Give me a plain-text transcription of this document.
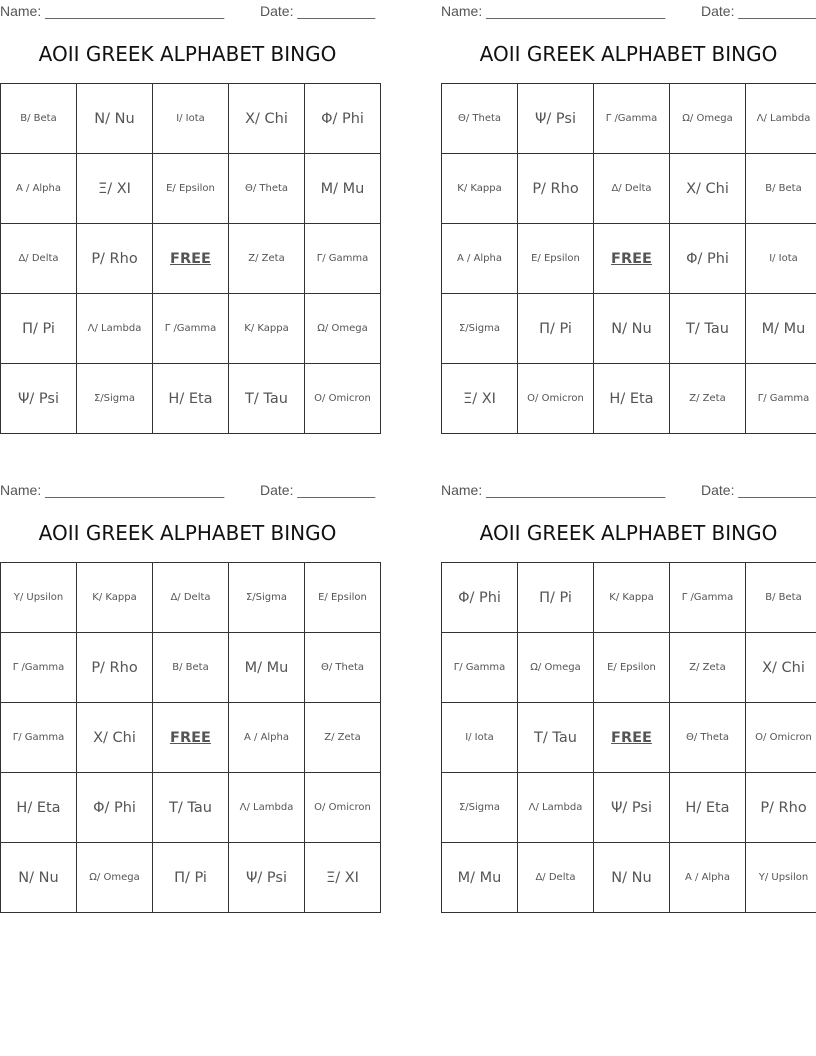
Name: _______________________	Date: __________
AOII GREEK ALPHABET BINGO
Β/ Beta	Ν/ Nu	Ι/ Iota	Χ/ Chi	Φ/ Phi
Α / Alpha	Ξ/ XI	Ε/ Epsilon	Θ/ Theta	Μ/ Mu
Δ/ Delta	Ρ/ Rho	FREE	Ζ/ Zeta	Γ/ Gamma
Π/ Pi	Λ/ Lambda	Γ /Gamma	Κ/ Kappa	Ω/ Omega
Ψ/ Psi	Σ/Sigma	Η/ Eta	Τ/ Tau	Ο/ Omicron
Name: _______________________	Date: __________
AOII GREEK ALPHABET BINGO
Θ/ Theta	Ψ/ Psi	Γ /Gamma	Ω/ Omega	Λ/ Lambda
Κ/ Kappa	Ρ/ Rho	Δ/ Delta	Χ/ Chi	Β/ Beta
Α / Alpha	Ε/ Epsilon	FREE	Φ/ Phi	Ι/ Iota
Σ/Sigma	Π/ Pi	Ν/ Nu	Τ/ Tau	Μ/ Mu
Ξ/ XI	Ο/ Omicron	Η/ Eta	Ζ/ Zeta	Γ/ Gamma
Name: _______________________	Date: __________
AOII GREEK ALPHABET BINGO
Υ/ Upsilon	Κ/ Kappa	Δ/ Delta	Σ/Sigma	Ε/ Epsilon
Γ /Gamma	Ρ/ Rho	Β/ Beta	Μ/ Mu	Θ/ Theta
Γ/ Gamma	Χ/ Chi	FREE	Α / Alpha	Ζ/ Zeta
Η/ Eta	Φ/ Phi	Τ/ Tau	Λ/ Lambda	Ο/ Omicron
Ν/ Nu	Ω/ Omega	Π/ Pi	Ψ/ Psi	Ξ/ XI
Name: _______________________	Date: __________
AOII GREEK ALPHABET BINGO
Φ/ Phi	Π/ Pi	Κ/ Kappa	Γ /Gamma	Β/ Beta
Γ/ Gamma	Ω/ Omega	Ε/ Epsilon	Ζ/ Zeta	Χ/ Chi
Ι/ Iota	Τ/ Tau	FREE	Θ/ Theta	Ο/ Omicron
Σ/Sigma	Λ/ Lambda	Ψ/ Psi	Η/ Eta	Ρ/ Rho
Μ/ Mu	Δ/ Delta	Ν/ Nu	Α / Alpha	Υ/ Upsilon
